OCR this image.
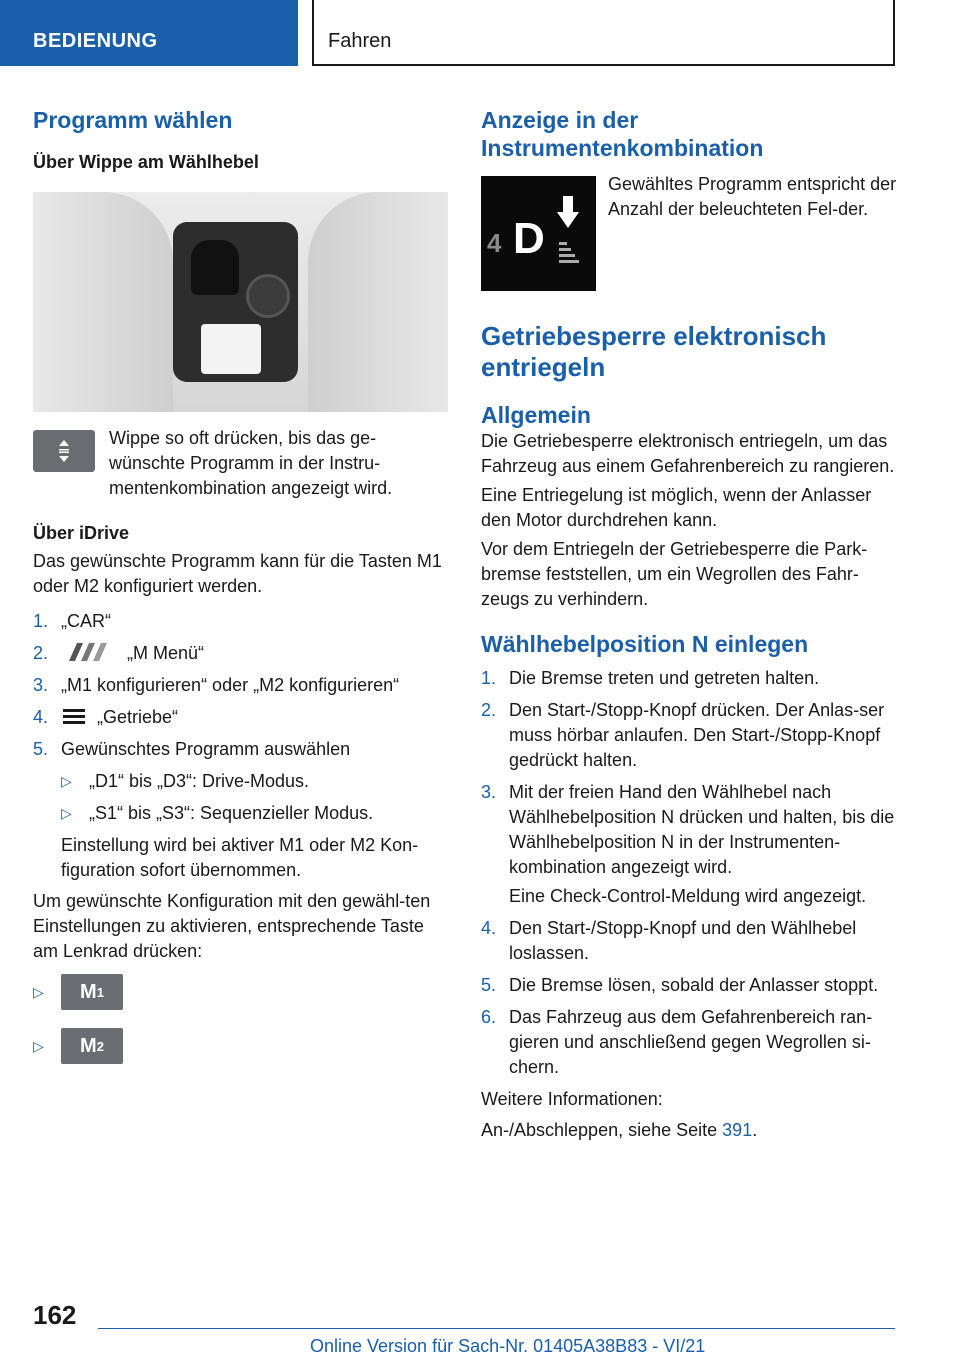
BEDIENUNG	Fahren
Programm wählen
Über Wippe am Wählhebel

Wippe so oft drücken, bis das ge-wünschte Programm in der Instru-mentenkombination angezeigt wird.

Über iDrive

Das gewünschte Programm kann für die Tasten M1 oder M2 konfiguriert werden.

1. „CAR“
2.	„M Menü“
3. „M1 konfigurieren“ oder „M2 konfigurieren“
4.	„Getriebe“
5. Gewünschtes Programm auswählen
▷ „D1“ bis „D3“: Drive-Modus.
▷ „S1“ bis „S3“: Sequenzieller Modus.

Einstellung wird bei aktiver M1 oder M2 Kon-figuration sofort übernommen.

Um gewünschte Konfiguration mit den gewähl-ten Einstellungen zu aktivieren, entsprechende Taste am Lenkrad drücken:

▷	M 1
▷	M 2
Anzeige in der Instrumentenkombination
4 D

Gewähltes Programm entspricht der Anzahl der beleuchteten Fel-der.

Getriebesperre elektronisch entriegeln
Allgemein

Die Getriebesperre elektronisch entriegeln, um das Fahrzeug aus einem Gefahrenbereich zu rangieren.

Eine Entriegelung ist möglich, wenn der Anlasser den Motor durchdrehen kann.

Vor dem Entriegeln der Getriebesperre die Park-bremse feststellen, um ein Wegrollen des Fahr-zeugs zu verhindern.

Wählhebelposition N einlegen
1. Die Bremse treten und getreten halten.
2. Den Start-/Stopp-Knopf drücken. Der Anlas-ser muss hörbar anlaufen. Den Start-/Stopp-Knopf gedrückt halten.
3. Mit der freien Hand den Wählhebel nach Wählhebelposition N drücken und halten, bis die Wählhebelposition N in der Instrumenten-kombination angezeigt wird.
Eine Check-Control-Meldung wird angezeigt.
4. Den Start-/Stopp-Knopf und den Wählhebel loslassen.
5. Die Bremse lösen, sobald der Anlasser stoppt.
6. Das Fahrzeug aus dem Gefahrenbereich ran-gieren und anschließend gegen Wegrollen si-chern.

Weitere Informationen:

An-/Abschleppen, siehe Seite 391.

162
Online Version für Sach-Nr. 01405A38B83 - VI/21
